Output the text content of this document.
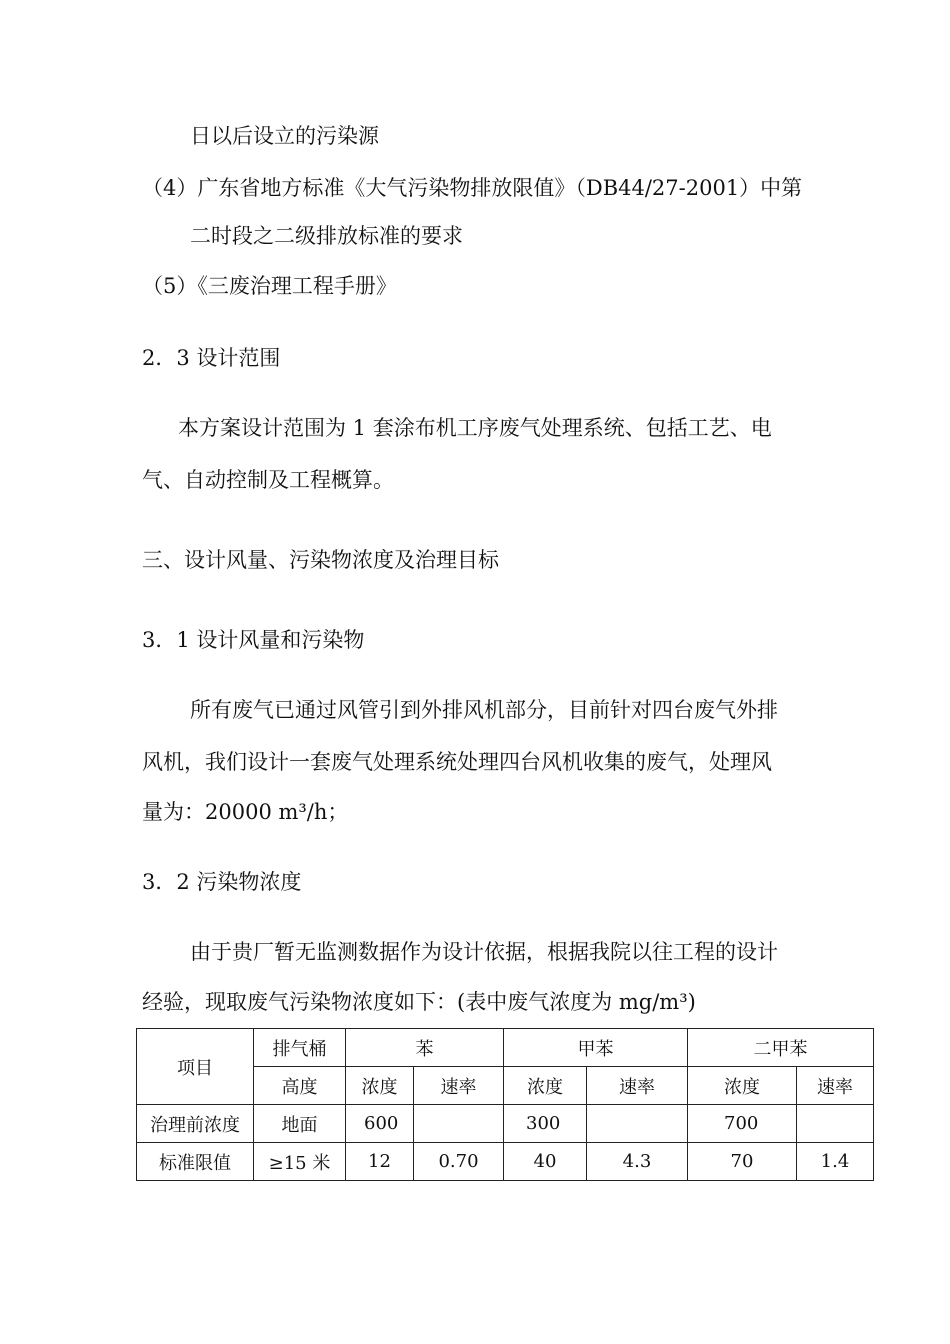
日以后设立的污染源
（4）广东省地方标准《大气污染物排放限值》（DB44/27-2001）中第
二时段之二级排放标准的要求
（5）《三废治理工程手册》
2．3 设计范围
本方案设计范围为 1 套涂布机工序废气处理系统、包括工艺、电
气、自动控制及工程概算。
三、设计风量、污染物浓度及治理目标
3．1 设计风量和污染物
所有废气已通过风管引到外排风机部分，目前针对四台废气外排
风机，我们设计一套废气处理系统处理四台风机收集的废气，处理风
量为：20000 m³/h；
3．2 污染物浓度
由于贵厂暂无监测数据作为设计依据，根据我院以往工程的设计
经验，现取废气污染物浓度如下：(表中废气浓度为 mg/m³)
项目	排气桶	苯		甲苯		二甲苯	
	高度	浓度	速率	浓度	速率	浓度	速率
治理前浓度	地面	600		300		700	
标准限值	≥15 米	12	0.70	40	4.3	70	1.4
